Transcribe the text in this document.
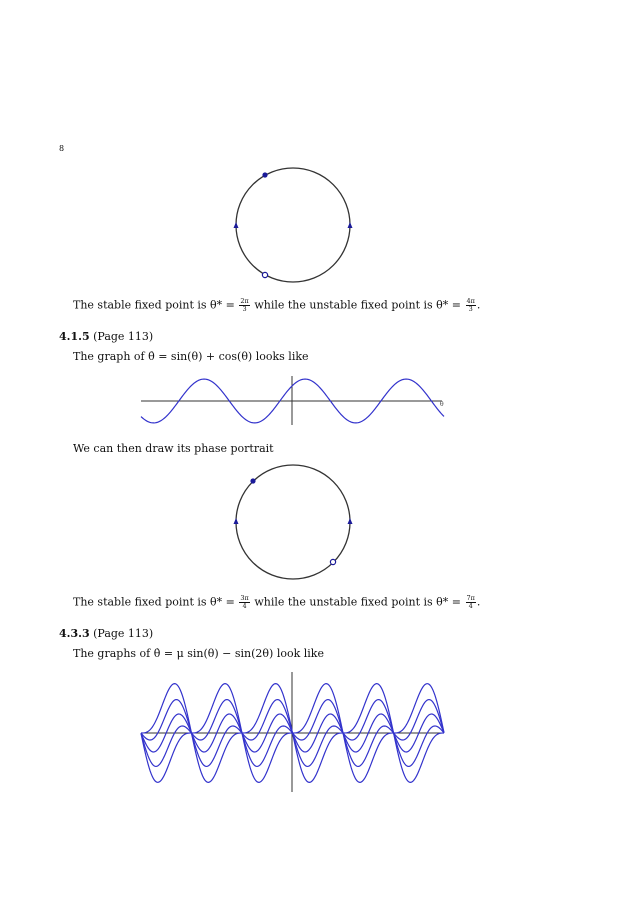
8
The stable fixed point is $\theta* = \frac{2\pi}{3}$ while the unstable fixed point is $\theta* = \frac{4\pi}{3}$ .
4.1.5 (Page 113)
The graph of θ̇ = sin(θ) + cos(θ) looks like
θ
We can then draw its phase portrait
The stable fixed point is $\theta* = \frac{3\pi}{4}$ while the unstable fixed point is $\theta* = \frac{7\pi}{4}$ .
4.3.3 (Page 113)
The graphs of θ̇ = μ sin(θ) − sin(2θ) look like
